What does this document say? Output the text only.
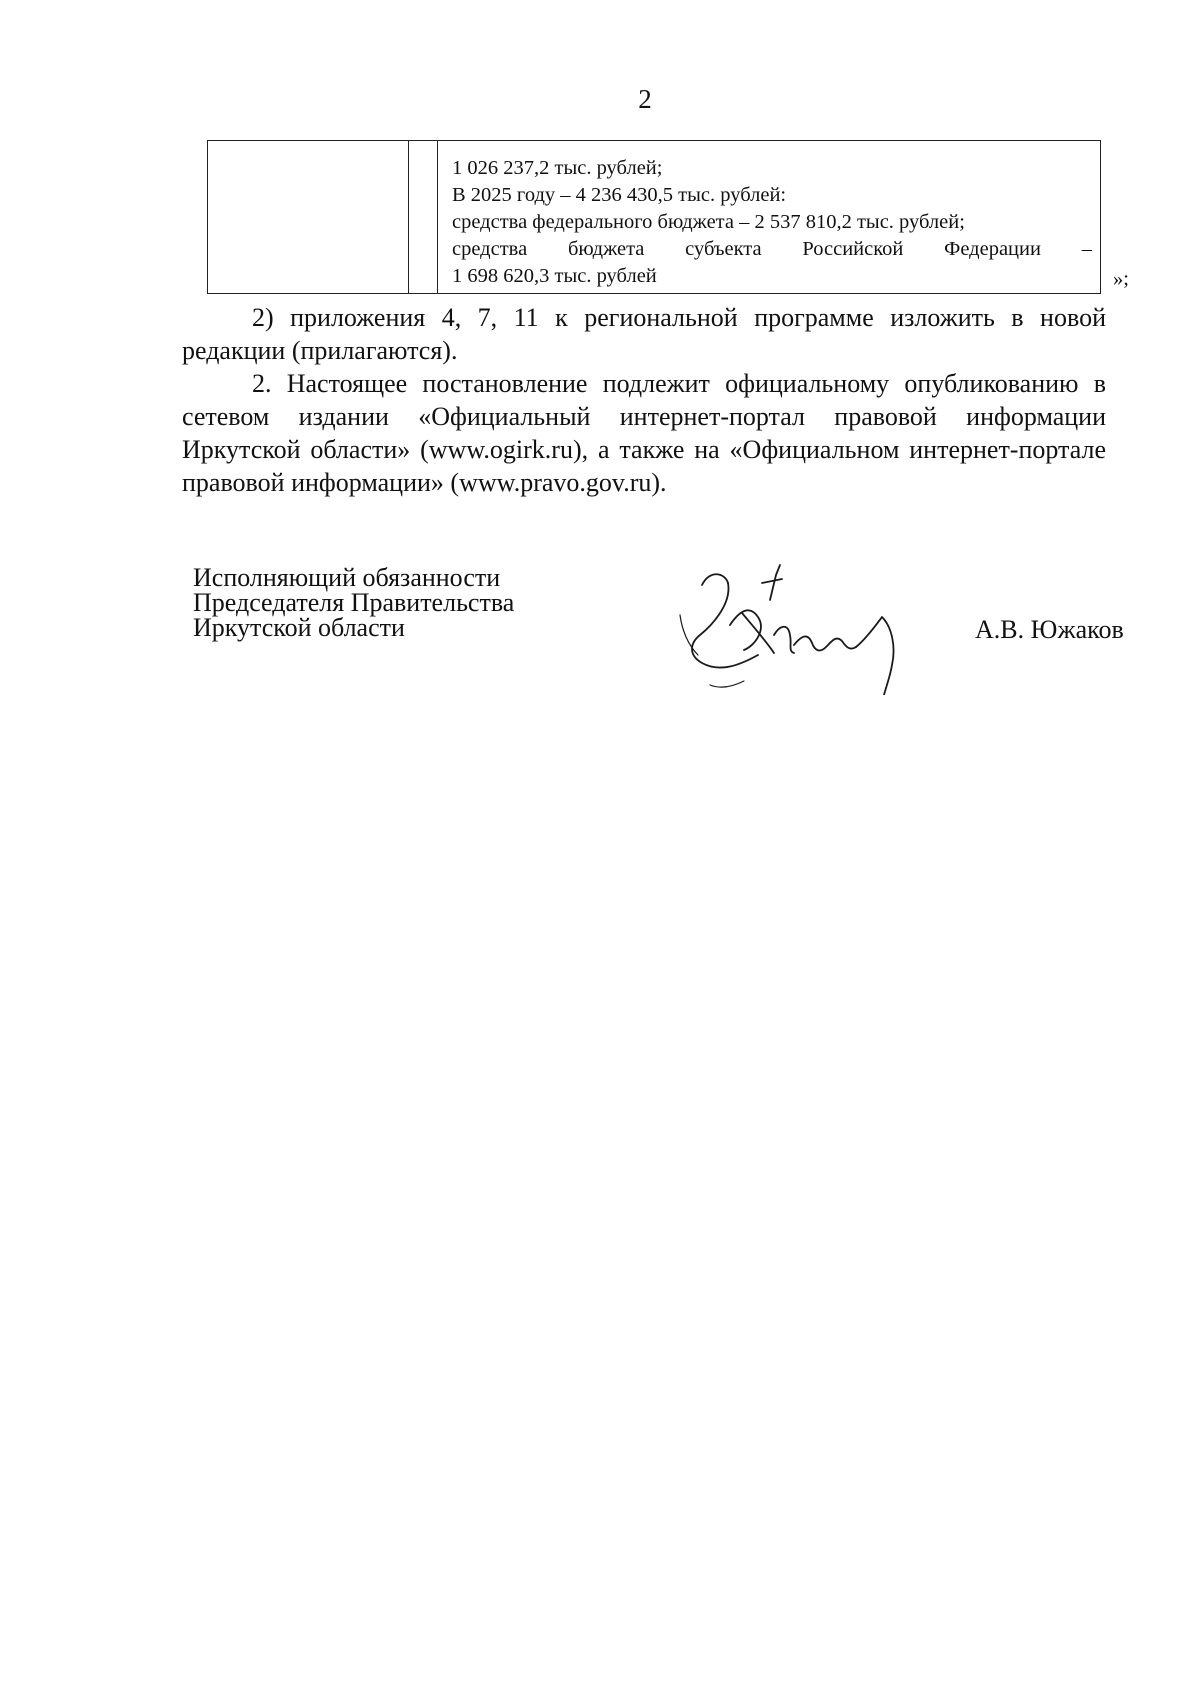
2
1 026 237,2 тыс. рублей;
В 2025 году – 4 236 430,5 тыс. рублей:
средства федерального бюджета – 2 537 810,2 тыс. рублей;
средства бюджета субъекта Российской Федерации –
1 698 620,3 тыс. рублей	»;

2) приложения 4, 7, 11 к региональной программе изложить в новой редакции (прилагаются).

2. Настоящее постановление подлежит официальному опубликованию в сетевом издании «Официальный интернет-портал правовой информации Иркутской области» (www.ogirk.ru), а также на «Официальном интернет-портале правовой информации» (www.pravo.gov.ru).

Исполняющий обязанности
Председателя Правительства
Иркутской области	А.В. Южаков
